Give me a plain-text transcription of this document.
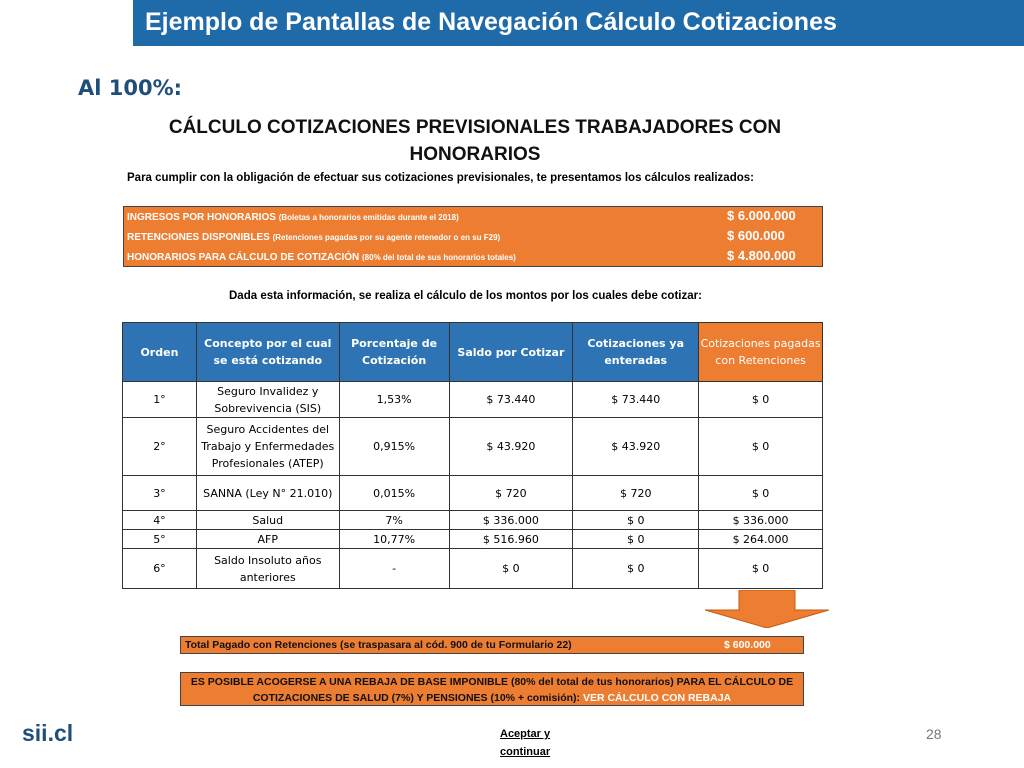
Ejemplo de Pantallas de Navegación Cálculo Cotizaciones
Al 100%:
CÁLCULO COTIZACIONES PREVISIONALES TRABAJADORES CON
HONORARIOS
Para cumplir con la obligación de efectuar sus cotizaciones previsionales, te presentamos los cálculos realizados:
INGRESOS POR HONORARIOS (Boletas a honorarios emitidas durante el 2018)	$ 6.000.000
RETENCIONES DISPONIBLES (Retenciones pagadas por su agente retenedor o en su F29)	$ 600.000
HONORARIOS PARA CÁLCULO DE COTIZACIÓN (80% del total de sus honorarios totales)	$ 4.800.000
Dada esta información, se realiza el cálculo de los montos por los cuales debe cotizar:
Orden	Concepto por el cual se está cotizando	Porcentaje de Cotización	Saldo por Cotizar	Cotizaciones ya enteradas	Cotizaciones pagadas con Retenciones
1°	Seguro Invalidez y Sobrevivencia (SIS)	1,53%	$ 73.440	$ 73.440	$ 0
2°	Seguro Accidentes del Trabajo y Enfermedades Profesionales (ATEP)	0,915%	$ 43.920	$ 43.920	$ 0
3°	SANNA (Ley N° 21.010)	0,015%	$ 720	$ 720	$ 0
4°	Salud	7%	$ 336.000	$ 0	$ 336.000
5°	AFP	10,77%	$ 516.960	$ 0	$ 264.000
6°	Saldo Insoluto años anteriores	-	$ 0	$ 0	$ 0
Total Pagado con Retenciones (se traspasara al cód. 900 de tu Formulario 22)	$ 600.000
ES POSIBLE ACOGERSE A UNA REBAJA DE BASE IMPONIBLE (80% del total de tus honorarios) PARA EL CÁLCULO DE COTIZACIONES DE SALUD (7%) Y PENSIONES (10% + comisión): VER CÁLCULO CON REBAJA
sii.cl	Aceptar y
continuar
28
